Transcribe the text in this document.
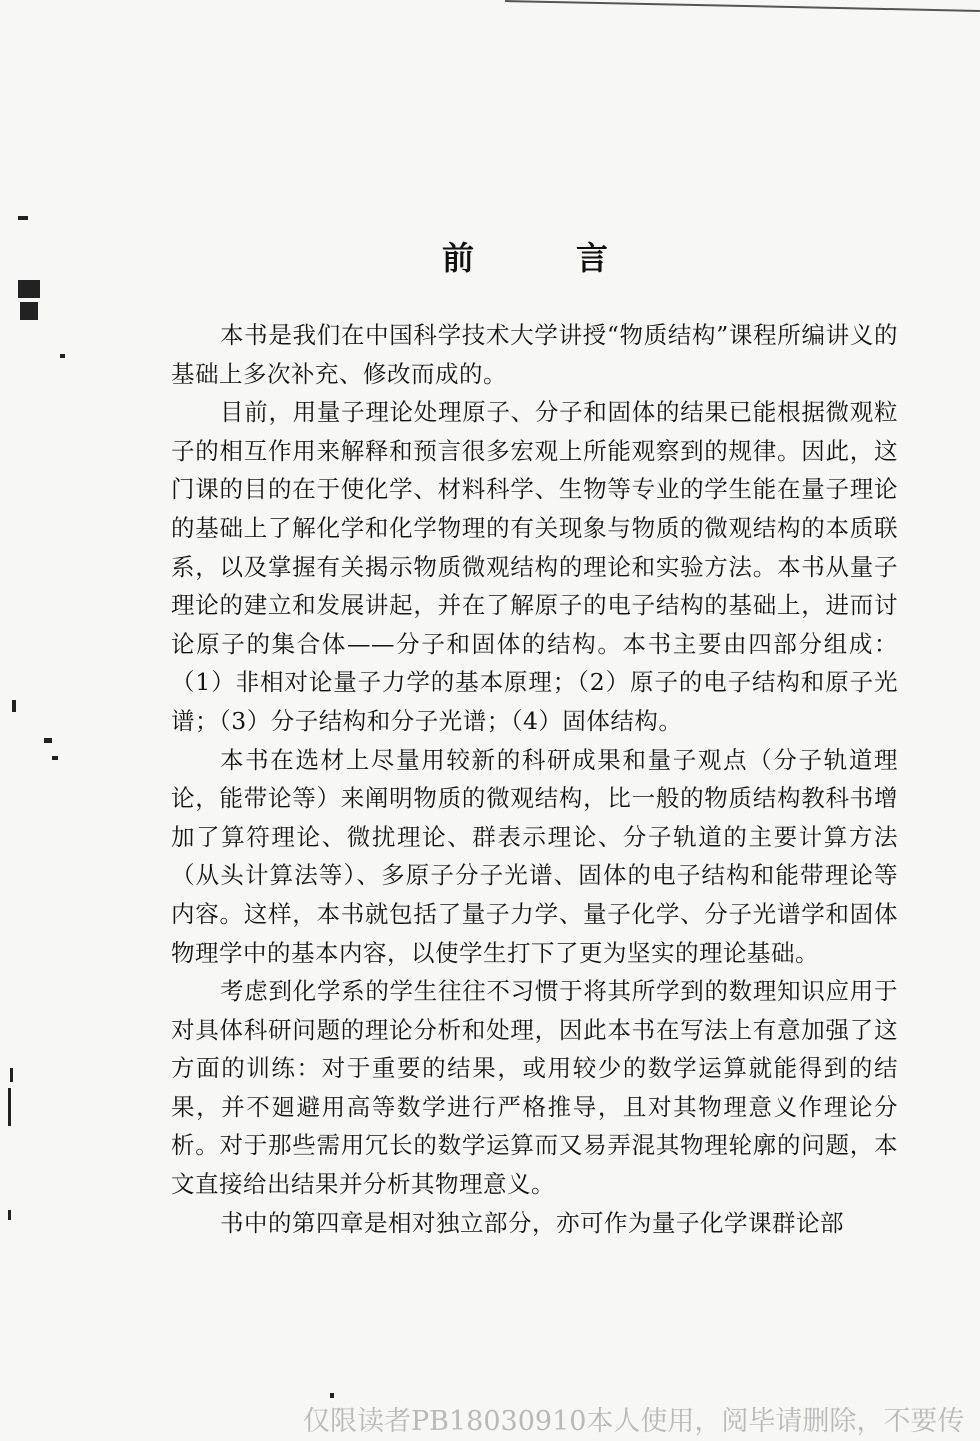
前	言

本书是我们在中国科学技术大学讲授“物质结构”课程所编讲义的基础上多次补充、修改而成的。

目前，用量子理论处理原子、分子和固体的结果已能根据微观粒子的相互作用来解释和预言很多宏观上所能观察到的规律。因此，这门课的目的在于使化学、材料科学、生物等专业的学生能在量子理论的基础上了解化学和化学物理的有关现象与物质的微观结构的本质联系，以及掌握有关揭示物质微观结构的理论和实验方法。本书从量子理论的建立和发展讲起，并在了解原子的电子结构的基础上，进而讨论原子的集合体——分子和固体的结构。本书主要由四部分组成：（1）非相对论量子力学的基本原理；（2）原子的电子结构和原子光谱；（3）分子结构和分子光谱；（4）固体结构。

本书在选材上尽量用较新的科研成果和量子观点（分子轨道理论，能带论等）来阐明物质的微观结构，比一般的物质结构教科书增加了算符理论、微扰理论、群表示理论、分子轨道的主要计算方法（从头计算法等）、多原子分子光谱、固体的电子结构和能带理论等内容。这样，本书就包括了量子力学、量子化学、分子光谱学和固体物理学中的基本内容，以使学生打下了更为坚实的理论基础。

考虑到化学系的学生往往不习惯于将其所学到的数理知识应用于对具体科研问题的理论分析和处理，因此本书在写法上有意加强了这方面的训练：对于重要的结果，或用较少的数学运算就能得到的结果，并不廻避用高等数学进行严格推导，且对其物理意义作理论分析。对于那些需用冗长的数学运算而又易弄混其物理轮廓的问题，本文直接给出结果并分析其物理意义。

书中的第四章是相对独立部分，亦可作为量子化学课群论部

仅限读者PB18030910本人使用，阅毕请删除，不要传
